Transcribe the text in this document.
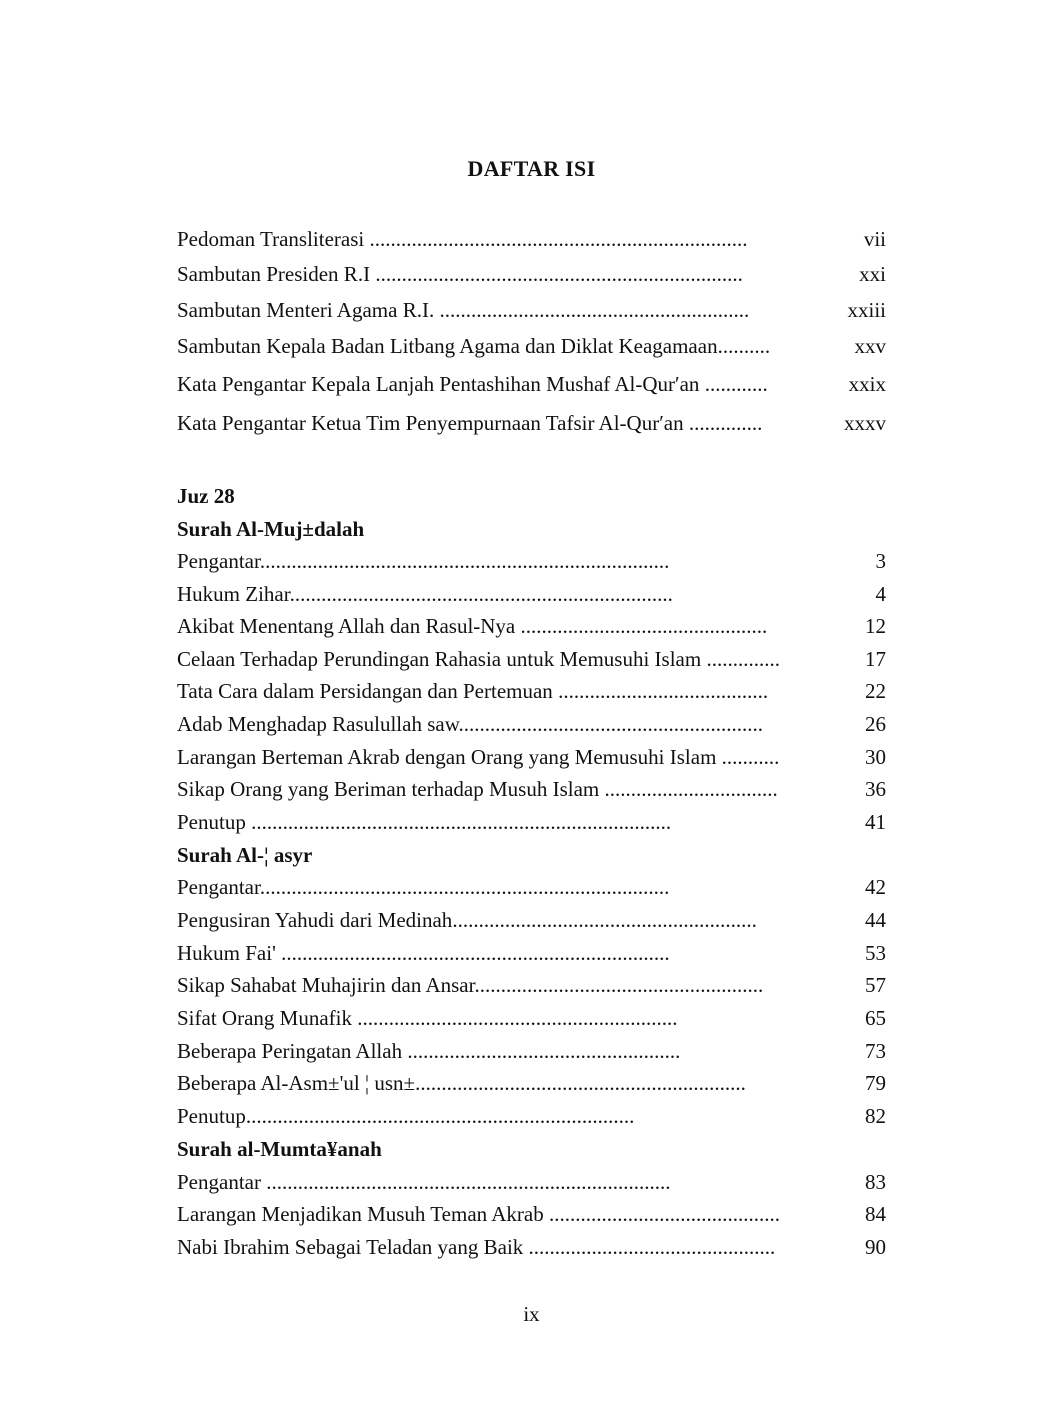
DAFTAR ISI
Pedoman Transliterasi ........................................................................	vii
Sambutan Presiden R.I ......................................................................	xxi
Sambutan Menteri Agama R.I. ...........................................................	xxiii
Sambutan Kepala Badan Litbang Agama dan Diklat Keagamaan..........	xxv
Kata Pengantar Kepala Lanjah Pentashihan Mushaf Al-Qur′an ............	xxix
Kata Pengantar Ketua Tim Penyempurnaan Tafsir Al-Qur′an ..............	xxxv
Juz 28
Surah Al-Muj±dalah
Pengantar..............................................................................	3
Hukum Zihar.........................................................................	4
Akibat Menentang Allah dan Rasul-Nya ...............................................	12
Celaan Terhadap Perundingan Rahasia untuk Memusuhi Islam ..............	17
Tata Cara dalam Persidangan dan Pertemuan ........................................	22
Adab Menghadap Rasulullah saw..........................................................	26
Larangan Berteman Akrab dengan Orang yang Memusuhi Islam ...........	30
Sikap Orang yang Beriman terhadap Musuh Islam .................................	36
Penutup ................................................................................	41
Surah Al-¦ asyr
Pengantar..............................................................................	42
Pengusiran Yahudi dari Medinah..........................................................	44
Hukum Fai' ..........................................................................	53
Sikap Sahabat Muhajirin dan Ansar.......................................................	57
Sifat Orang Munafik .............................................................	65
Beberapa Peringatan Allah ....................................................	73
Beberapa Al-Asm±'ul ¦ usn±...............................................................	79
Penutup..........................................................................	82
Surah al-Mumta¥anah
Pengantar .............................................................................	83
Larangan Menjadikan Musuh Teman Akrab ............................................	84
Nabi Ibrahim Sebagai Teladan yang Baik ...............................................	90
ix
